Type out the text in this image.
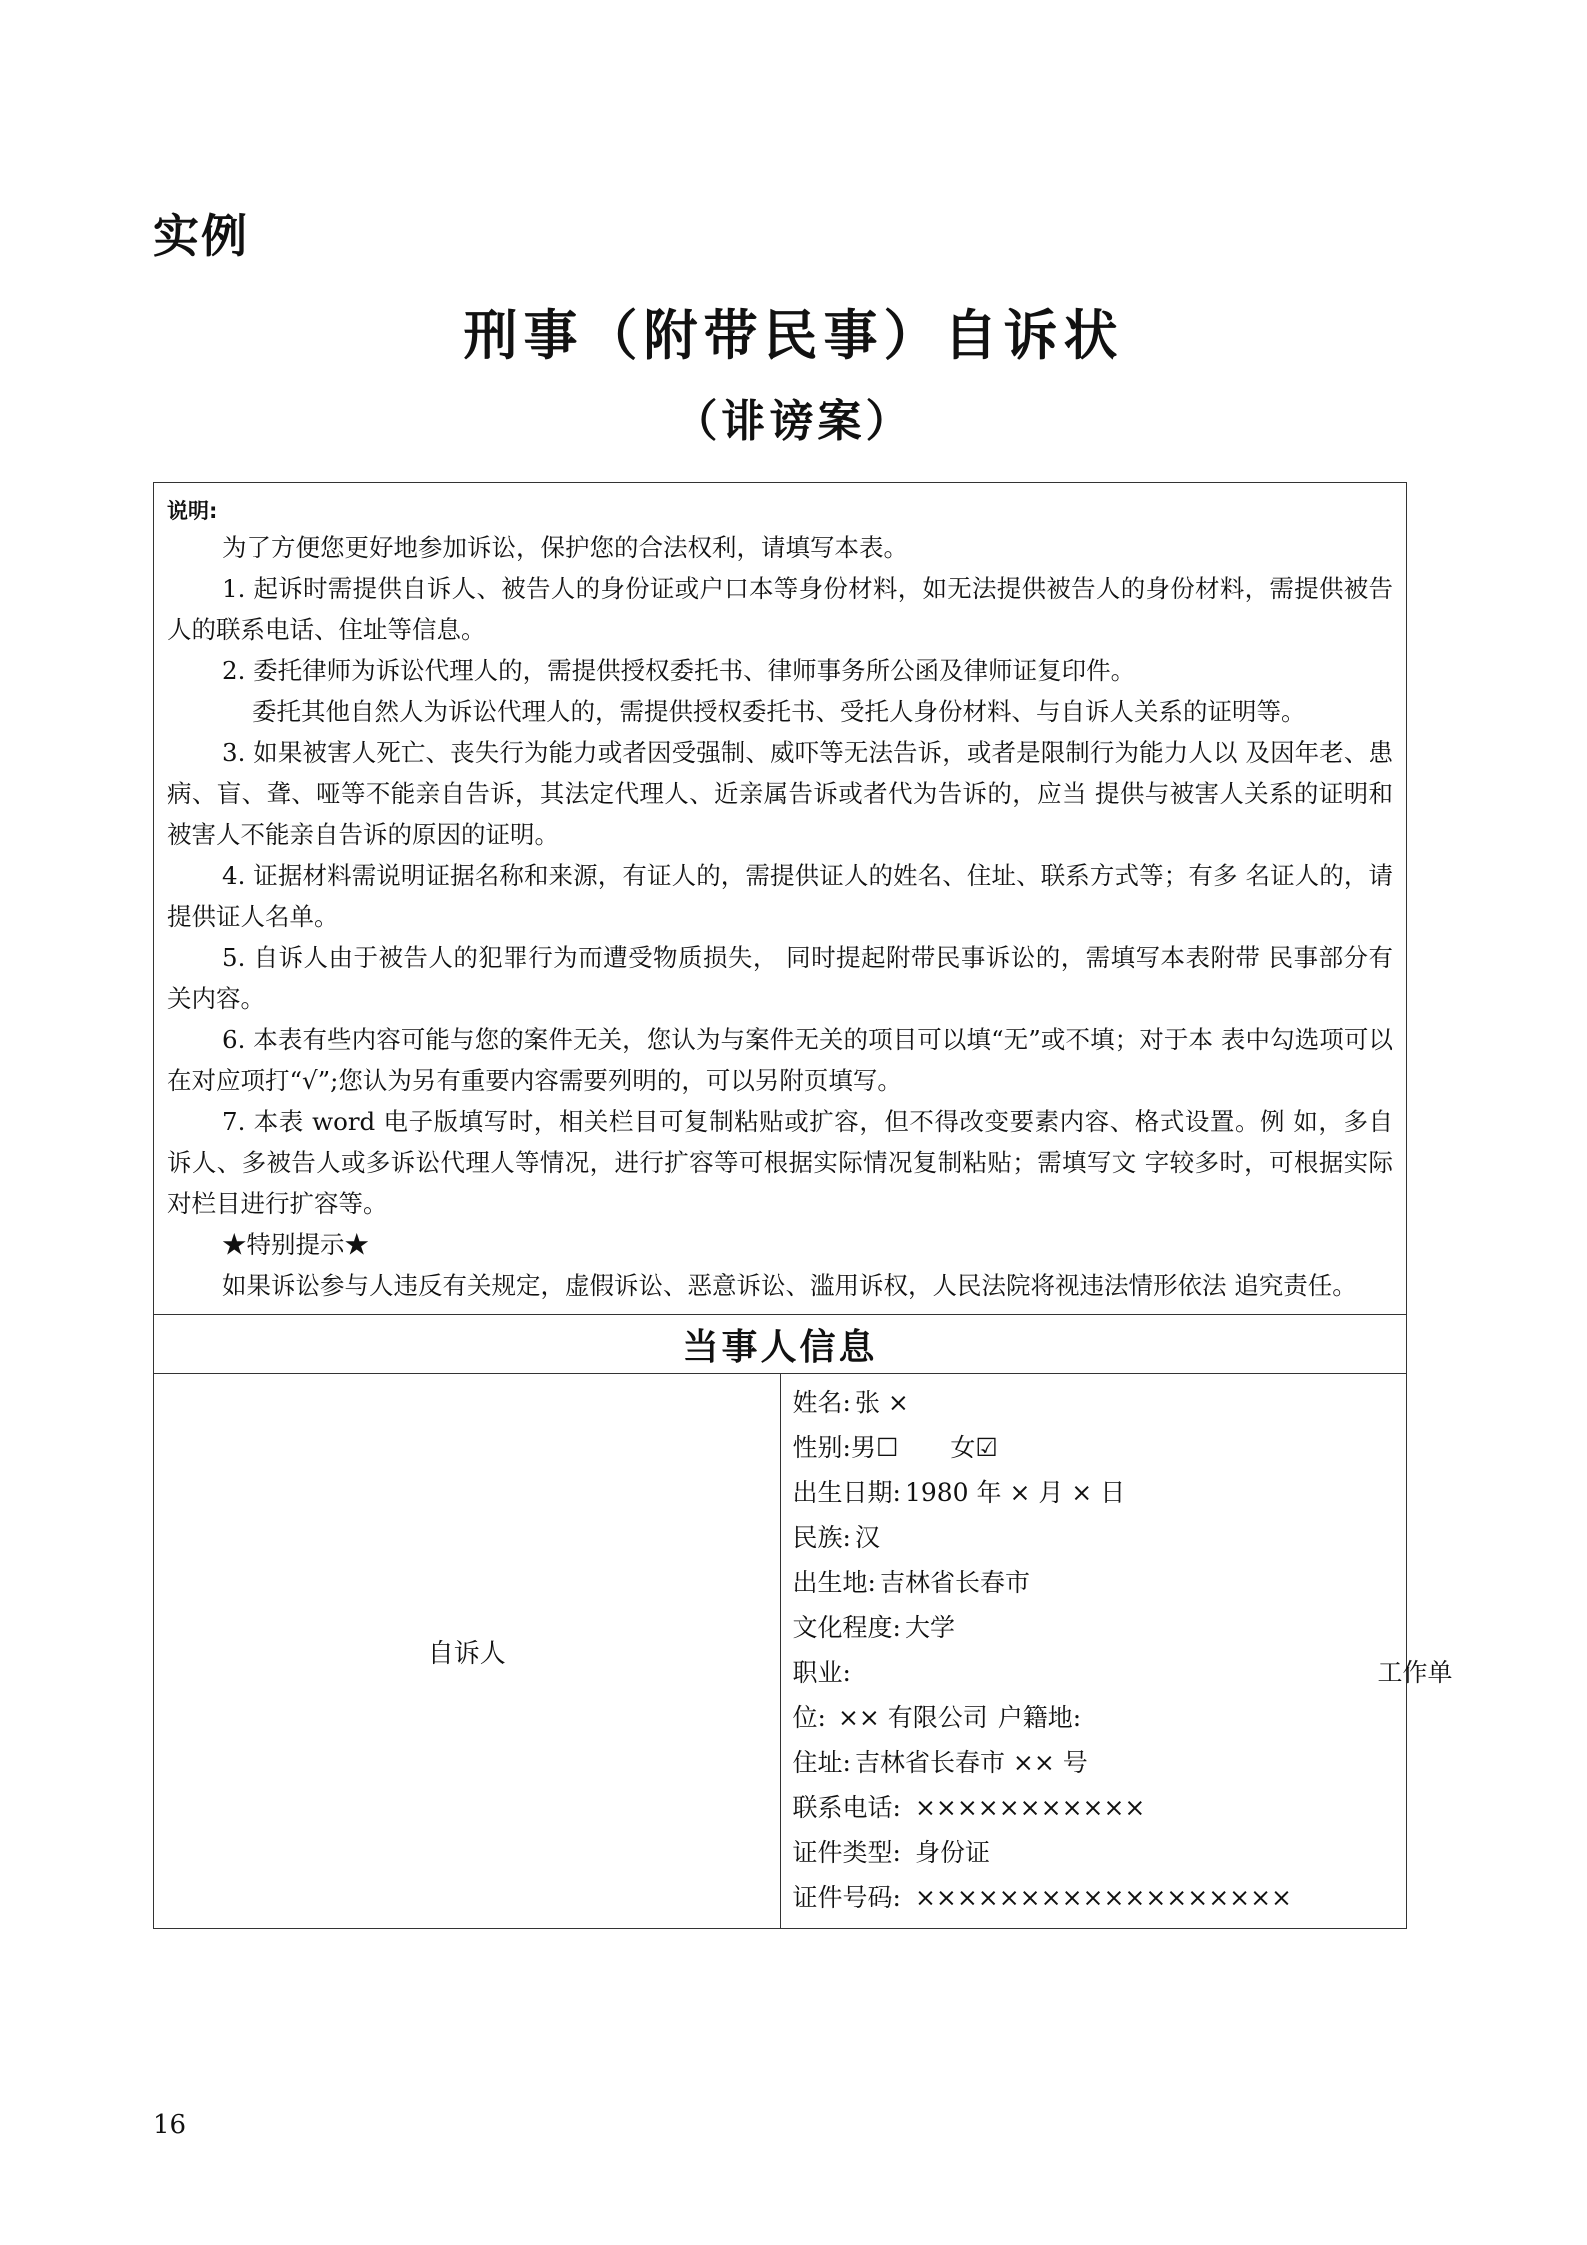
实例
刑事（附带民事）自诉状
（诽谤案）
说明:

为了方便您更好地参加诉讼，保护您的合法权利，请填写本表。

1. 起诉时需提供自诉人、被告人的身份证或户口本等身份材料，如无法提供被告人的身份材料，需提供被告人的联系电话、住址等信息。

2. 委托律师为诉讼代理人的，需提供授权委托书、律师事务所公函及律师证复印件。

委托其他自然人为诉讼代理人的，需提供授权委托书、受托人身份材料、与自诉人关系的证明等。

3. 如果被害人死亡、丧失行为能力或者因受强制、威吓等无法告诉，或者是限制行为能力人以 及因年老、患病、盲、聋、哑等不能亲自告诉，其法定代理人、近亲属告诉或者代为告诉的，应当 提供与被害人关系的证明和被害人不能亲自告诉的原因的证明。

4. 证据材料需说明证据名称和来源，有证人的，需提供证人的姓名、住址、联系方式等；有多 名证人的，请提供证人名单。

5. 自诉人由于被告人的犯罪行为而遭受物质损失， 同时提起附带民事诉讼的，需填写本表附带 民事部分有关内容。

6. 本表有些内容可能与您的案件无关，您认为与案件无关的项目可以填“无”或不填；对于本 表中勾选项可以在对应项打“√”;您认为另有重要内容需要列明的，可以另附页填写。

7. 本表 word 电子版填写时，相关栏目可复制粘贴或扩容，但不得改变要素内容、格式设置。例 如，多自诉人、多被告人或多诉讼代理人等情况，进行扩容等可根据实际情况复制粘贴；需填写文 字较多时，可根据实际对栏目进行扩容等。

★特别提示★

如果诉讼参与人违反有关规定，虚假诉讼、恶意诉讼、滥用诉权，人民法院将视违法情形依法 追究责任。

当事人信息
自诉人	

姓名: 张 ×

性别:男☐ 女☑

出生日期: 1980 年 × 月 × 日

民族: 汉

出生地: 吉林省长春市

文化程度: 大学

职业:	工作单

位: ×× 有限公司 户籍地:

住址: 吉林省长春市 ×× 号

联系电话: ×××××××××××

证件类型: 身份证

证件号码: ××××××××××××××××××

16
